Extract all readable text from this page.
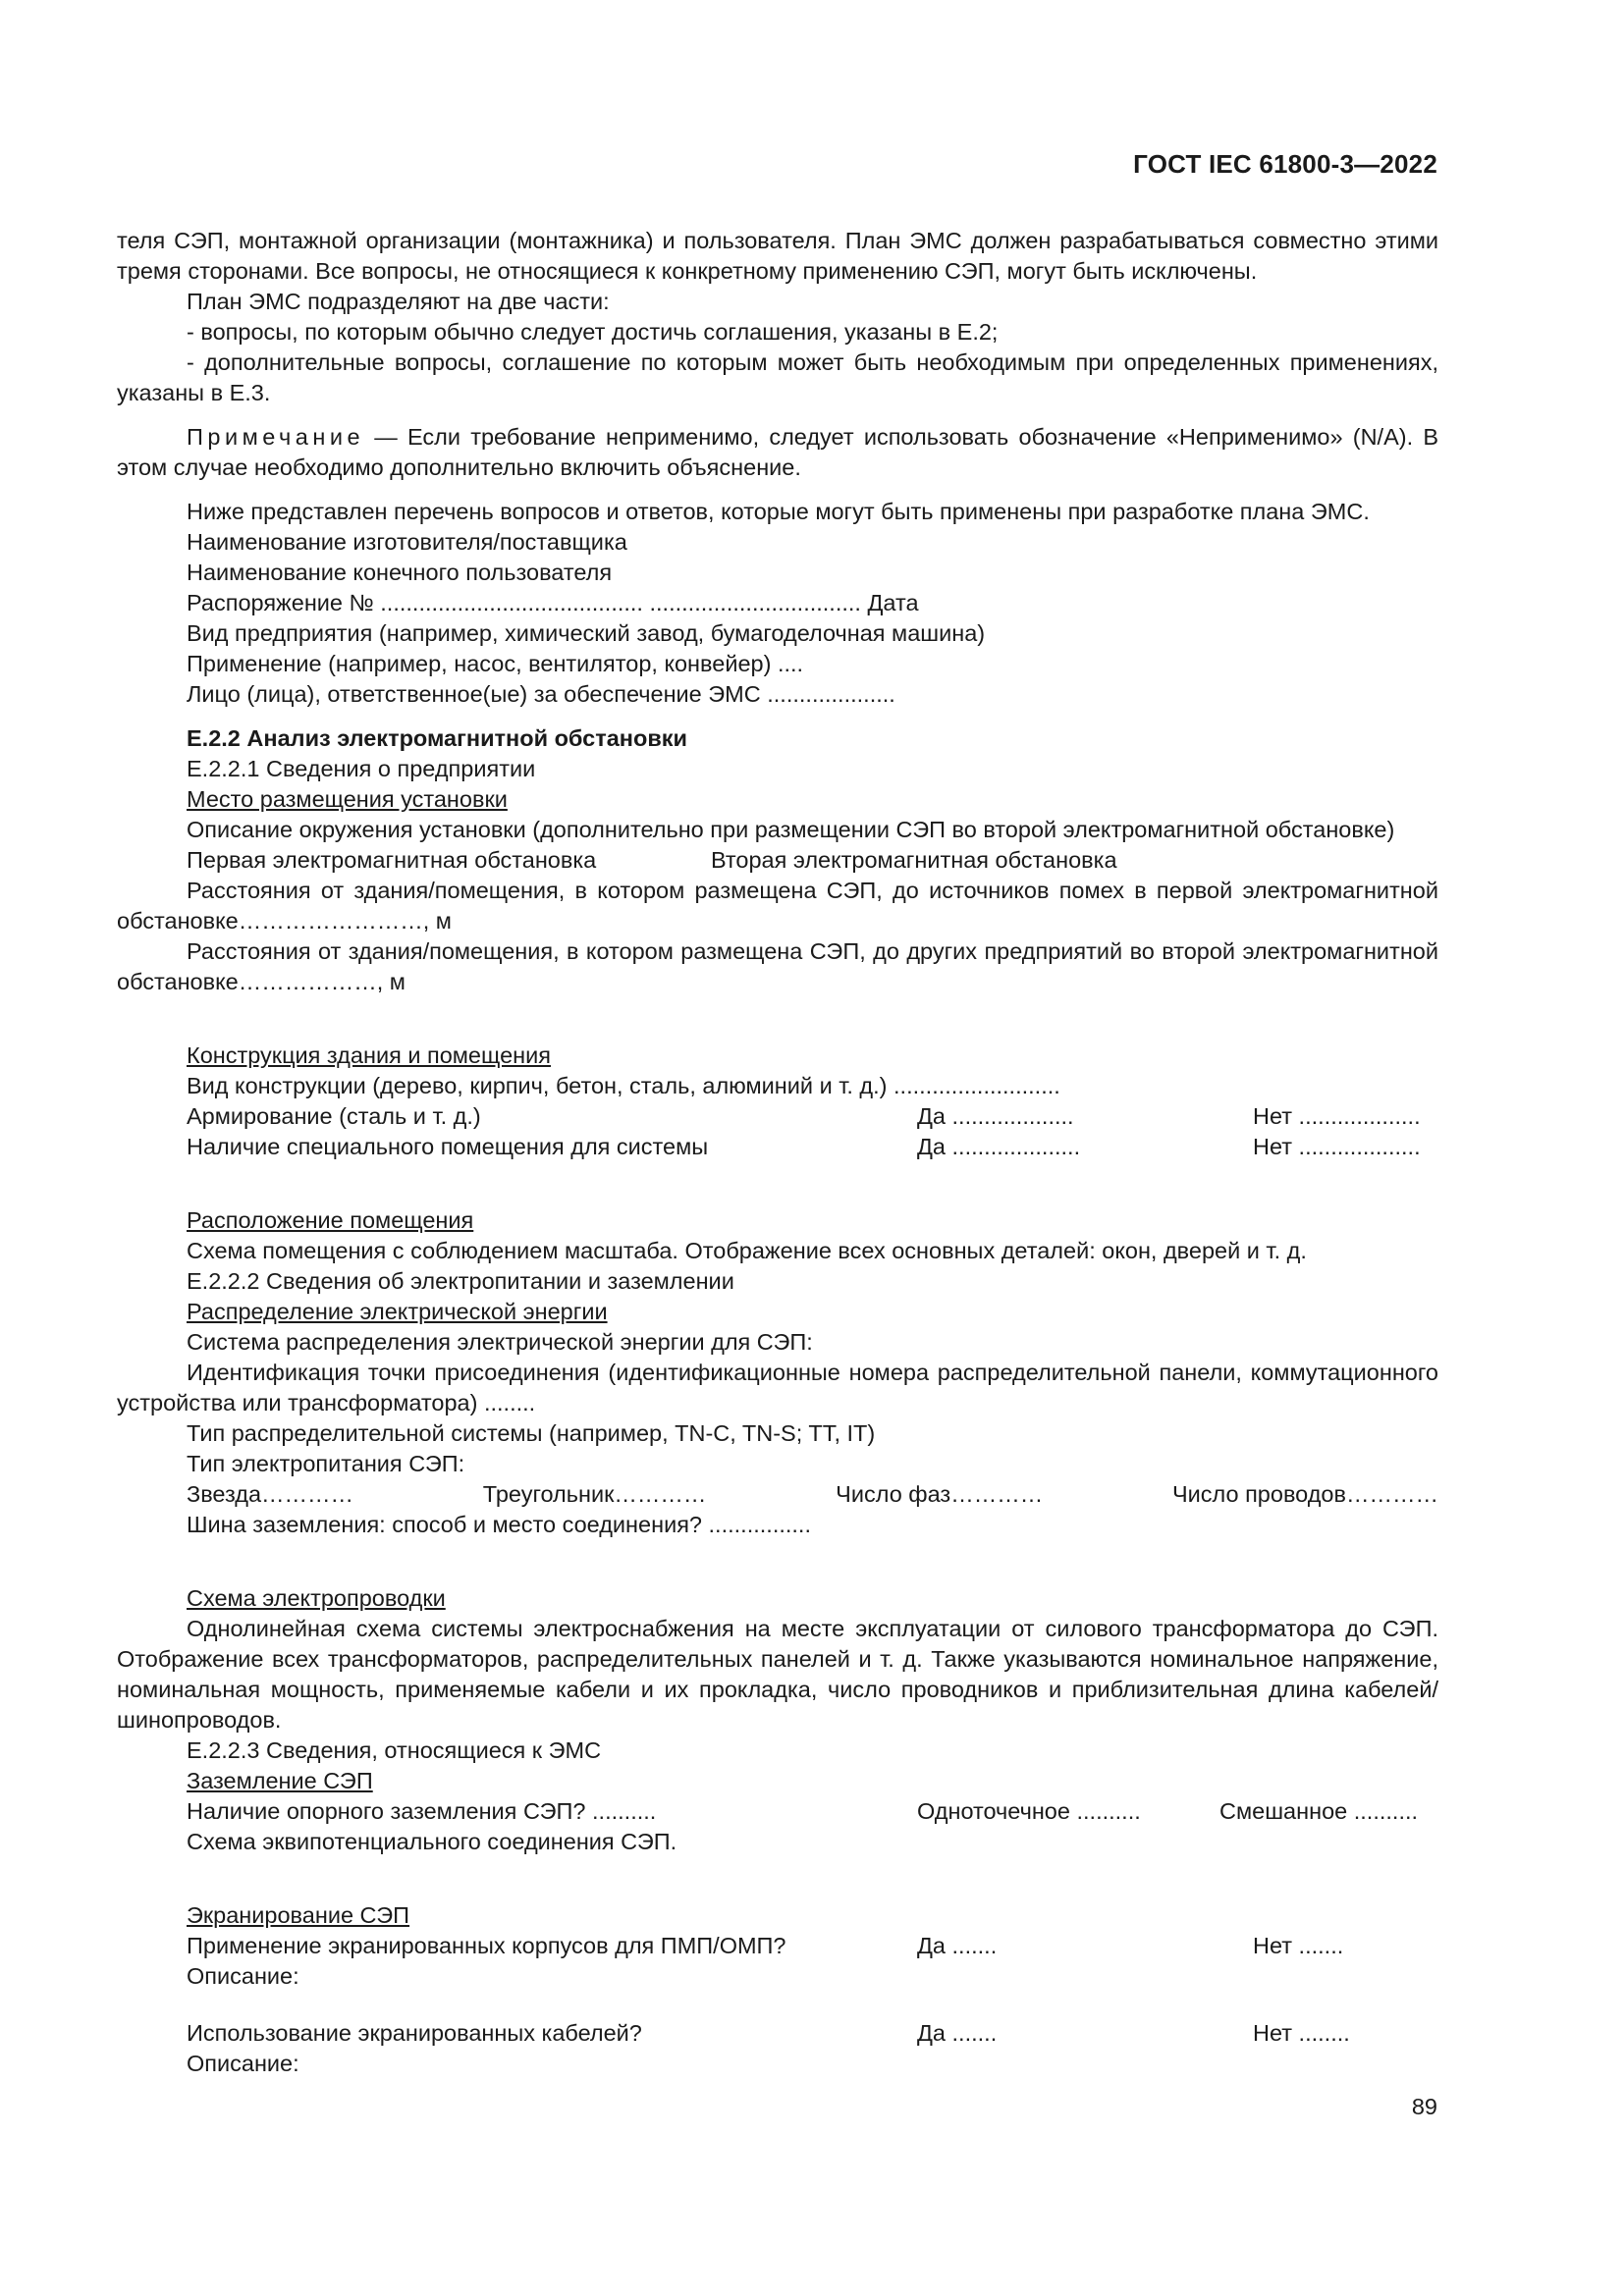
ГОСТ IEC 61800-3—2022

теля СЭП, монтажной организации (монтажника) и пользователя. План ЭМС должен разрабатываться совместно этими тремя сторонами. Все вопросы, не относящиеся к конкретному применению СЭП, могут быть исключены.

План ЭМС подразделяют на две части:

- вопросы, по которым обычно следует достичь соглашения, указаны в Е.2;

- дополнительные вопросы, соглашение по которым может быть необходимым при определенных применениях, указаны в Е.3.

Примечание — Если требование неприменимо, следует использовать обозначение «Неприменимо» (N/A). В этом случае необходимо дополнительно включить объяснение.

Ниже представлен перечень вопросов и ответов, которые могут быть применены при разработке плана ЭМС.

Наименование изготовителя/поставщика

Наименование конечного пользователя

Распоряжение № ......................................... ................................. Дата

Вид предприятия (например, химический завод, бумагоделочная машина)

Применение (например, насос, вентилятор, конвейер) ....

Лицо (лица), ответственное(ые) за обеспечение ЭМС ....................

Е.2.2 Анализ электромагнитной обстановки

Е.2.2.1 Сведения о предприятии

Место размещения установки

Описание окружения установки (дополнительно при размещении СЭП во второй электромагнитной обстановке)

Первая электромагнитная обстановка	Вторая электромагнитная обстановка

Расстояния от здания/помещения, в котором размещена СЭП, до источников помех в первой электромагнитной обстановке……………………, м

Расстояния от здания/помещения, в котором размещена СЭП, до других предприятий во второй электромагнитной обстановке………………, м

Конструкция здания и помещения

Вид конструкции (дерево, кирпич, бетон, сталь, алюминий и т. д.) ..........................

Армирование (сталь и т. д.)	Да ...................	Нет ...................
Наличие специального помещения для системы	Да ....................	Нет ...................

Расположение помещения

Схема помещения с соблюдением масштаба. Отображение всех основных деталей: окон, дверей и т. д.

Е.2.2.2 Сведения об электропитании и заземлении

Распределение электрической энергии

Система распределения электрической энергии для СЭП:

Идентификация точки присоединения (идентификационные номера распределительной панели, коммутационного устройства или трансформатора) ........

Тип распределительной системы (например, TN-C, TN-S; TT, IT)

Тип электропитания СЭП:

Звезда…………	Треугольник…………	Число фаз…………	Число проводов…………

Шина заземления: способ и место соединения? ................

Схема электропроводки

Однолинейная схема системы электроснабжения на месте эксплуатации от силового трансформатора до СЭП. Отображение всех трансформаторов, распределительных панелей и т. д. Также указываются номинальное напряжение, номинальная мощность, применяемые кабели и их прокладка, число проводников и приблизительная длина кабелей/шинопроводов.

Е.2.2.3 Сведения, относящиеся к ЭМС

Заземление СЭП

Наличие опорного заземления СЭП? ..........	Одноточечное ..........	Смешанное ..........

Схема эквипотенциального соединения СЭП.

Экранирование СЭП

Применение экранированных корпусов для ПМП/ОМП?	Да .......	Нет .......

Описание:

Использование экранированных кабелей?	Да .......	Нет ........

Описание:

89
